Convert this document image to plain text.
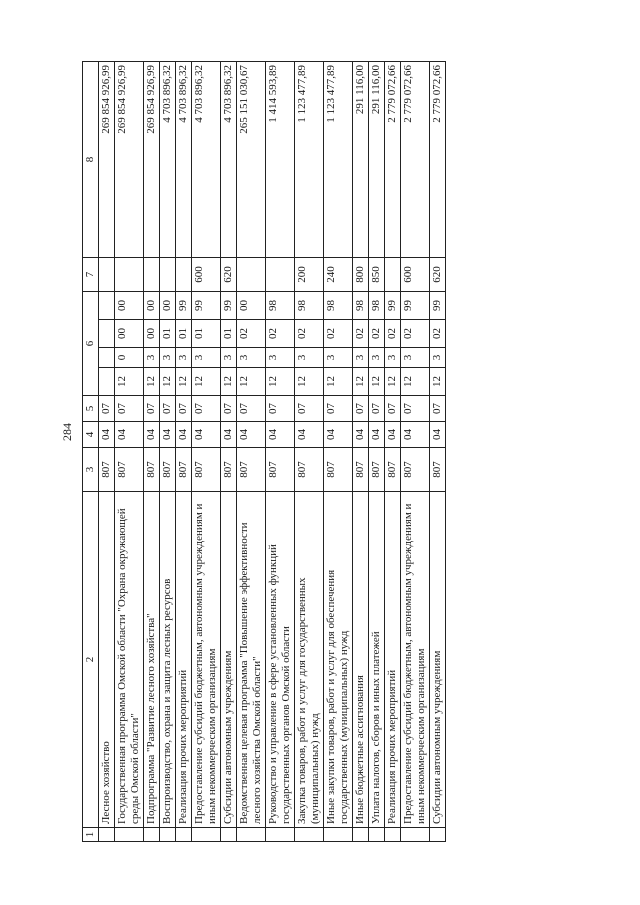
284
1	2	3	4	5	6				7	8
	Лесное хозяйство	807	04	07						269 854 926,99
	Государственная программа Омской области "Охрана окружающей среды Омской области"	807	04	07	12	0	00	00		269 854 926,99
	Подпрограмма "Развитие лесного хозяйства"	807	04	07	12	3	00	00		269 854 926,99
	Воспроизводство, охрана и защита лесных ресурсов	807	04	07	12	3	01	00		4 703 896,32
	Реализация прочих мероприятий	807	04	07	12	3	01	99		4 703 896,32
	Предоставление субсидий бюджетным, автономным учреждениям и иным некоммерческим организациям	807	04	07	12	3	01	99	600	4 703 896,32
	Субсидии автономным учреждениям	807	04	07	12	3	01	99	620	4 703 896,32
	Ведомственная целевая программа "Повышение эффективности лесного хозяйства Омской области"	807	04	07	12	3	02	00		265 151 030,67
	Руководство и управление в сфере установленных функций государственных органов Омской области	807	04	07	12	3	02	98		1 414 593,89
	Закупка товаров, работ и услуг для государственных (муниципальных) нужд	807	04	07	12	3	02	98	200	1 123 477,89
	Иные закупки товаров, работ и услуг для обеспечения государственных (муниципальных) нужд	807	04	07	12	3	02	98	240	1 123 477,89
	Иные бюджетные ассигнования	807	04	07	12	3	02	98	800	291 116,00
	Уплата налогов, сборов и иных платежей	807	04	07	12	3	02	98	850	291 116,00
	Реализация прочих мероприятий	807	04	07	12	3	02	99		2 779 072,66
	Предоставление субсидий бюджетным, автономным учреждениям и иным некоммерческим организациям	807	04	07	12	3	02	99	600	2 779 072,66
	Субсидии автономным учреждениям	807	04	07	12	3	02	99	620	2 779 072,66
